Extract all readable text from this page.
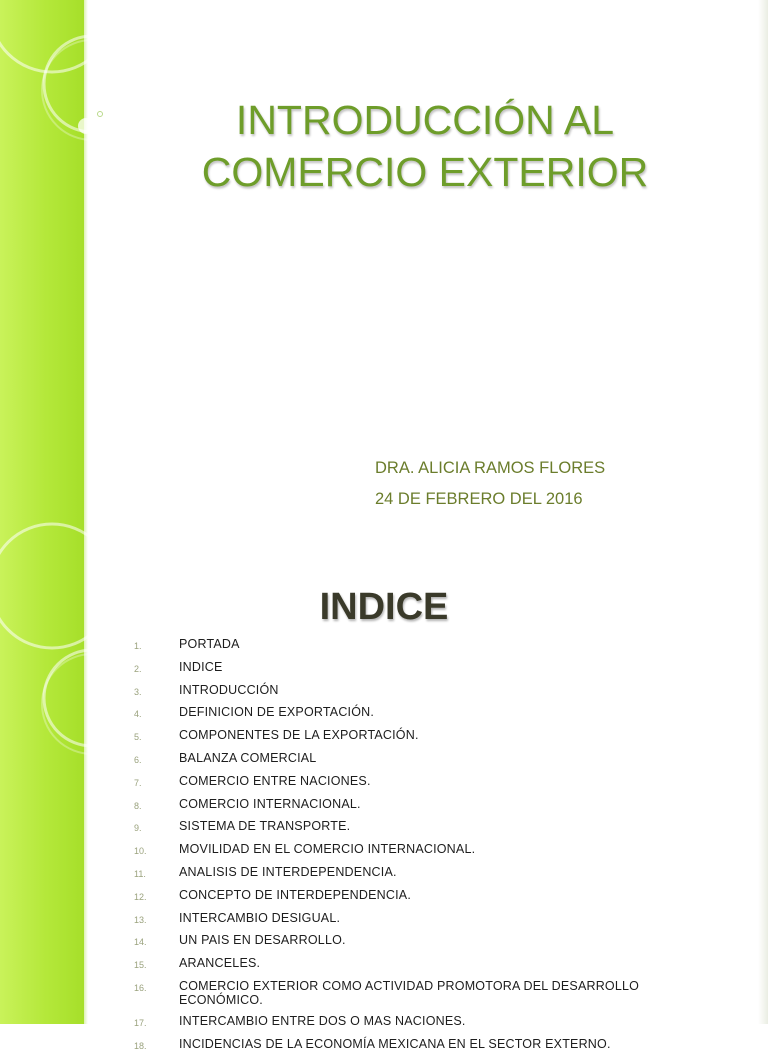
INTRODUCCIÓN AL
COMERCIO EXTERIOR
DRA. ALICIA RAMOS FLORES
24 DE FEBRERO DEL 2016
INDICE
1.	PORTADA
2.	INDICE
3.	INTRODUCCIÓN
4.	DEFINICION DE EXPORTACIÓN.
5.	COMPONENTES DE LA EXPORTACIÓN.
6.	BALANZA COMERCIAL
7.	COMERCIO ENTRE NACIONES.
8.	COMERCIO INTERNACIONAL.
9.	SISTEMA DE TRANSPORTE.
10.	MOVILIDAD EN EL COMERCIO INTERNACIONAL.
11.	ANALISIS DE INTERDEPENDENCIA.
12.	CONCEPTO DE INTERDEPENDENCIA.
13.	INTERCAMBIO DESIGUAL.
14.	UN PAIS EN DESARROLLO.
15.	ARANCELES.
16.	COMERCIO EXTERIOR COMO ACTIVIDAD PROMOTORA DEL DESARROLLO ECONÓMICO.
17.	INTERCAMBIO ENTRE DOS O MAS NACIONES.
18.	INCIDENCIAS DE LA ECONOMÍA MEXICANA EN EL SECTOR EXTERNO.
